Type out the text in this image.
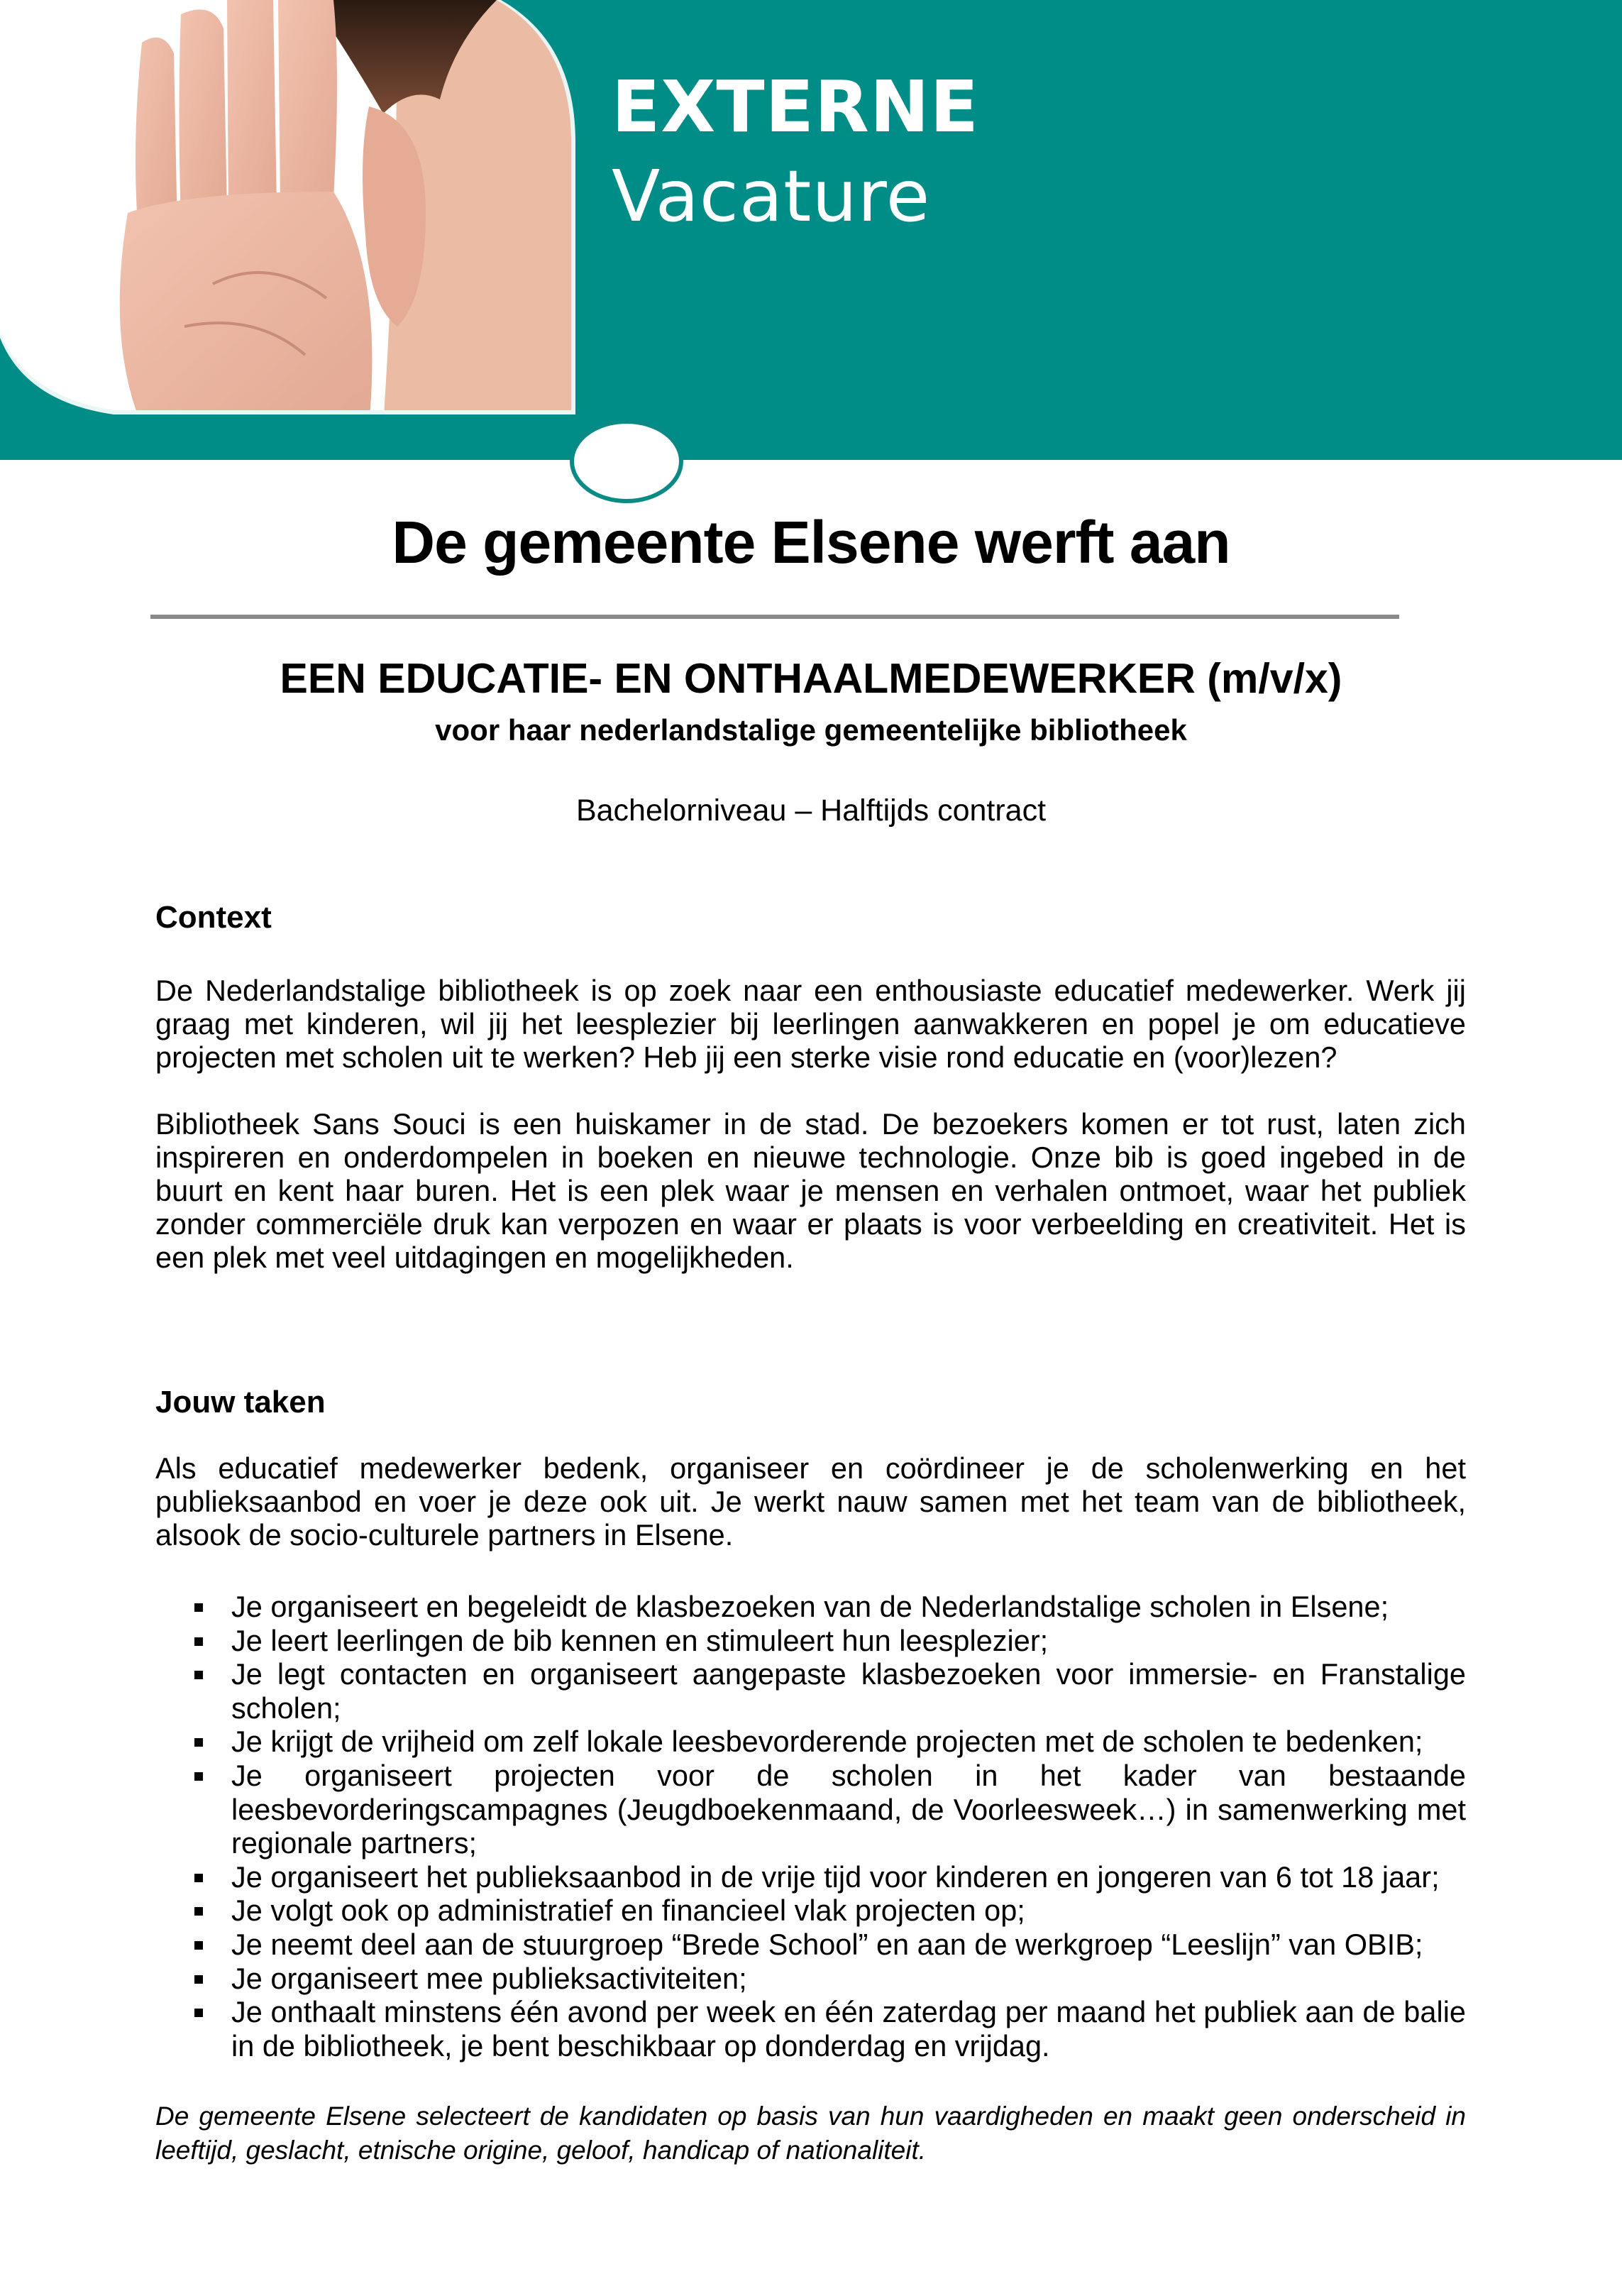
EXTERNE
Vacature
De gemeente Elsene werft aan
EEN EDUCATIE- EN ONTHAALMEDEWERKER (m/v/x)
voor haar nederlandstalige gemeentelijke bibliotheek
Bachelorniveau – Halftijds contract
Context

De Nederlandstalige bibliotheek is op zoek naar een enthousiaste educatief medewerker. Werk jij graag met kinderen, wil jij het leesplezier bij leerlingen aanwakkeren en popel je om educatieve projecten met scholen uit te werken? Heb jij een sterke visie rond educatie en (voor)lezen?

Bibliotheek Sans Souci is een huiskamer in de stad. De bezoekers komen er tot rust, laten zich inspireren en onderdompelen in boeken en nieuwe technologie. Onze bib is goed ingebed in de buurt en kent haar buren. Het is een plek waar je mensen en verhalen ontmoet, waar het publiek zonder commerciële druk kan verpozen en waar er plaats is voor verbeelding en creativiteit. Het is een plek met veel uitdagingen en mogelijkheden.

Jouw taken

Als educatief medewerker bedenk, organiseer en coördineer je de scholenwerking en het publieksaanbod en voer je deze ook uit. Je werkt nauw samen met het team van de bibliotheek, alsook de socio-culturele partners in Elsene.

Je organiseert en begeleidt de klasbezoeken van de Nederlandstalige scholen in Elsene;
Je leert leerlingen de bib kennen en stimuleert hun leesplezier;
Je legt contacten en organiseert aangepaste klasbezoeken voor immersie- en Franstalige scholen;
Je krijgt de vrijheid om zelf lokale leesbevorderende projecten met de scholen te bedenken;
Je organiseert projecten voor de scholen in het kader van bestaande leesbevorderingscampagnes (Jeugdboekenmaand, de Voorleesweek…) in samenwerking met regionale partners;
Je organiseert het publieksaanbod in de vrije tijd voor kinderen en jongeren van 6 tot 18 jaar;
Je volgt ook op administratief en financieel vlak projecten op;
Je neemt deel aan de stuurgroep “Brede School” en aan de werkgroep “Leeslijn” van OBIB;
Je organiseert mee publieksactiviteiten;
Je onthaalt minstens één avond per week en één zaterdag per maand het publiek aan de balie in de bibliotheek, je bent beschikbaar op donderdag en vrijdag.
De gemeente Elsene selecteert de kandidaten op basis van hun vaardigheden en maakt geen onderscheid in leeftijd, geslacht, etnische origine, geloof, handicap of nationaliteit.
